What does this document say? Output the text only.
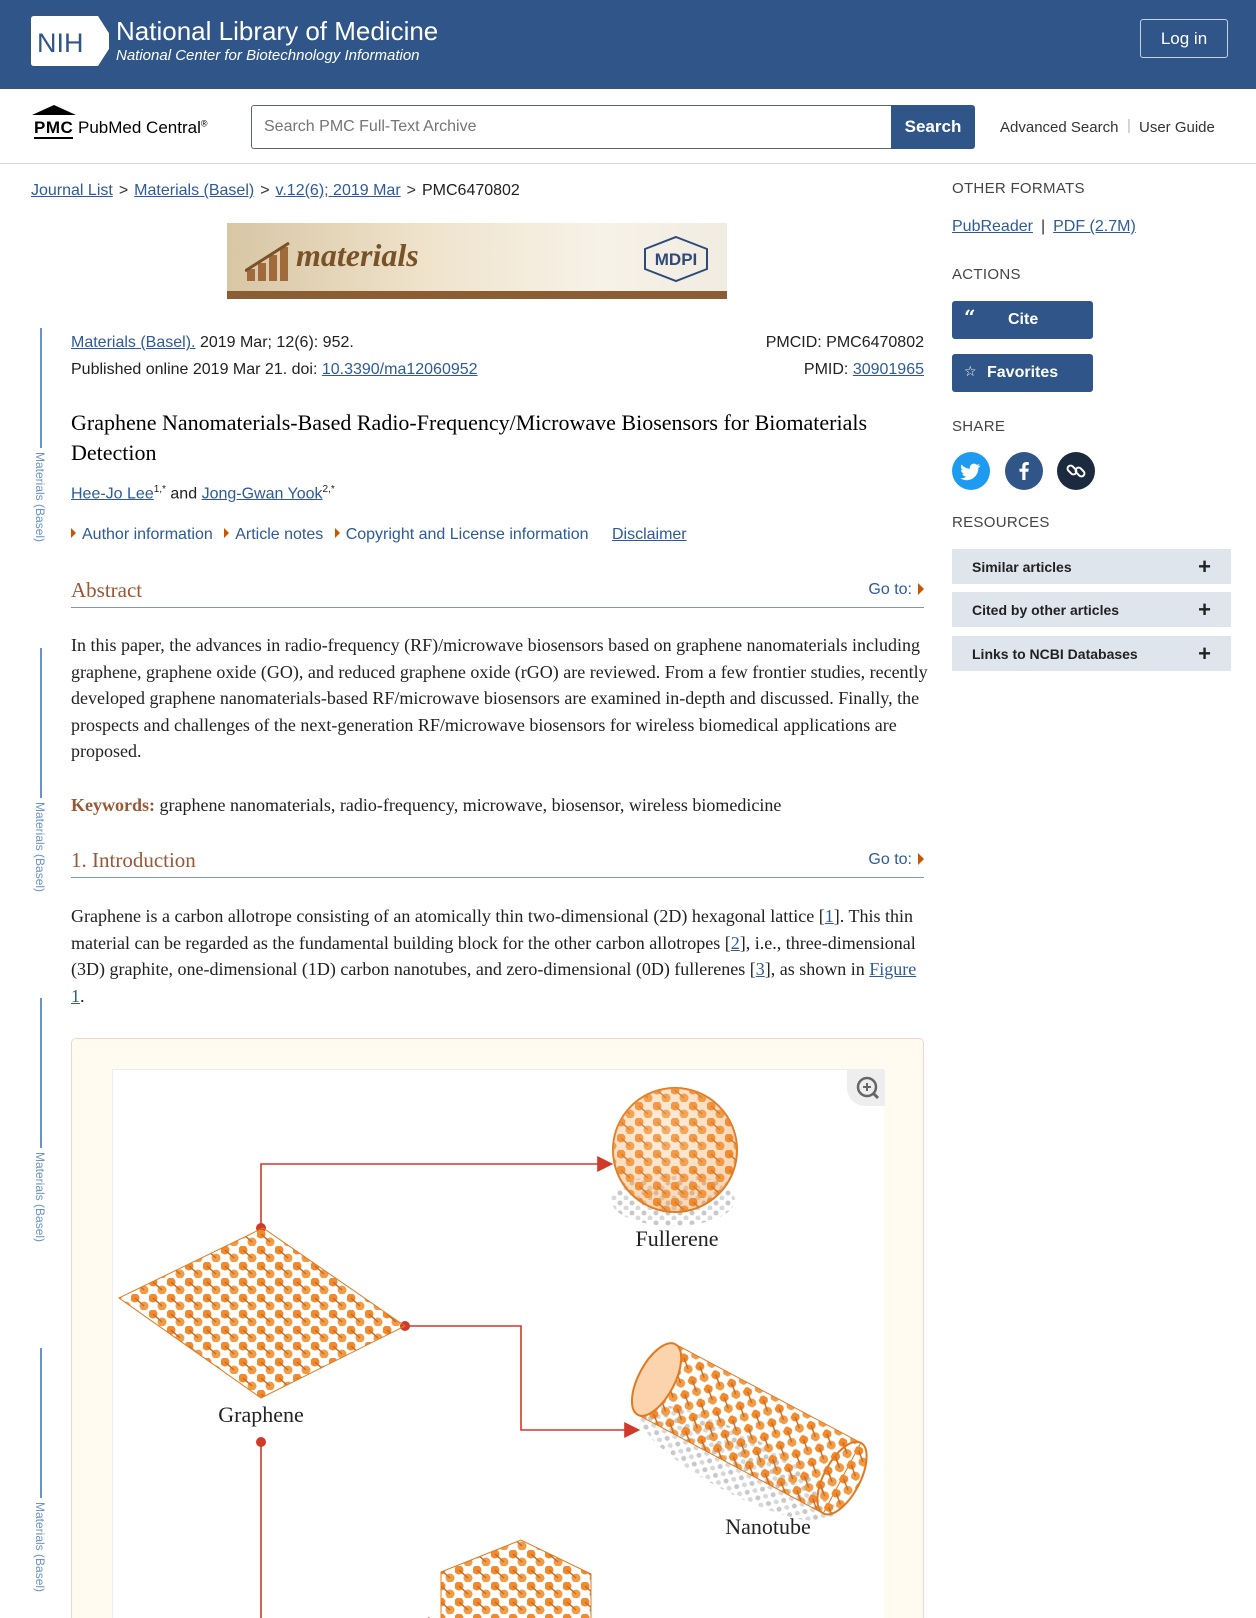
NIH National Library of Medicine
National Center for Biotechnology Information
Log in
PMC PubMed Central®
Search PMC Full-Text Archive	Search	Advanced Search | User Guide
Journal List > Materials (Basel) > v.12(6); 2019 Mar > PMC6470802
materials	MDPI
Materials (Basel)
Materials (Basel)
Materials (Basel)
Materials (Basel)
Materials (Basel). 2019 Mar; 12(6): 952.
Published online 2019 Mar 21. doi: 10.3390/ma12060952
PMCID: PMC6470802
PMID: 30901965
Graphene Nanomaterials-Based Radio-Frequency/Microwave Biosensors for Biomaterials Detection
Hee-Jo Lee$^{1,*}$ and Jong-Gwan Yook$^{2,*}$
Author information Article notes Copyright and License information Disclaimer
Abstract	Go to:
In this paper, the advances in radio-frequency (RF)/microwave biosensors based on graphene nanomaterials including graphene, graphene oxide (GO), and reduced graphene oxide (rGO) are reviewed. From a few frontier studies, recently developed graphene nanomaterials-based RF/microwave biosensors are examined in-depth and discussed. Finally, the prospects and challenges of the next-generation RF/microwave biosensors for wireless biomedical applications are proposed.
Keywords: graphene nanomaterials, radio-frequency, microwave, biosensor, wireless biomedicine
1. Introduction	Go to:
Graphene is a carbon allotrope consisting of an atomically thin two-dimensional (2D) hexagonal lattice [1]. This thin material can be regarded as the fundamental building block for the other carbon allotropes [2], i.e., three-dimensional (3D) graphite, one-dimensional (1D) carbon nanotubes, and zero-dimensional (0D) fullerenes [3], as shown in Figure 1.
Fullerene
Graphene
Nanotube
OTHER FORMATS
PubReader | PDF (2.7M)
ACTIONS
“ Cite
☆ Favorites
SHARE
RESOURCES
Similar articles	+
Cited by other articles	+
Links to NCBI Databases	+
